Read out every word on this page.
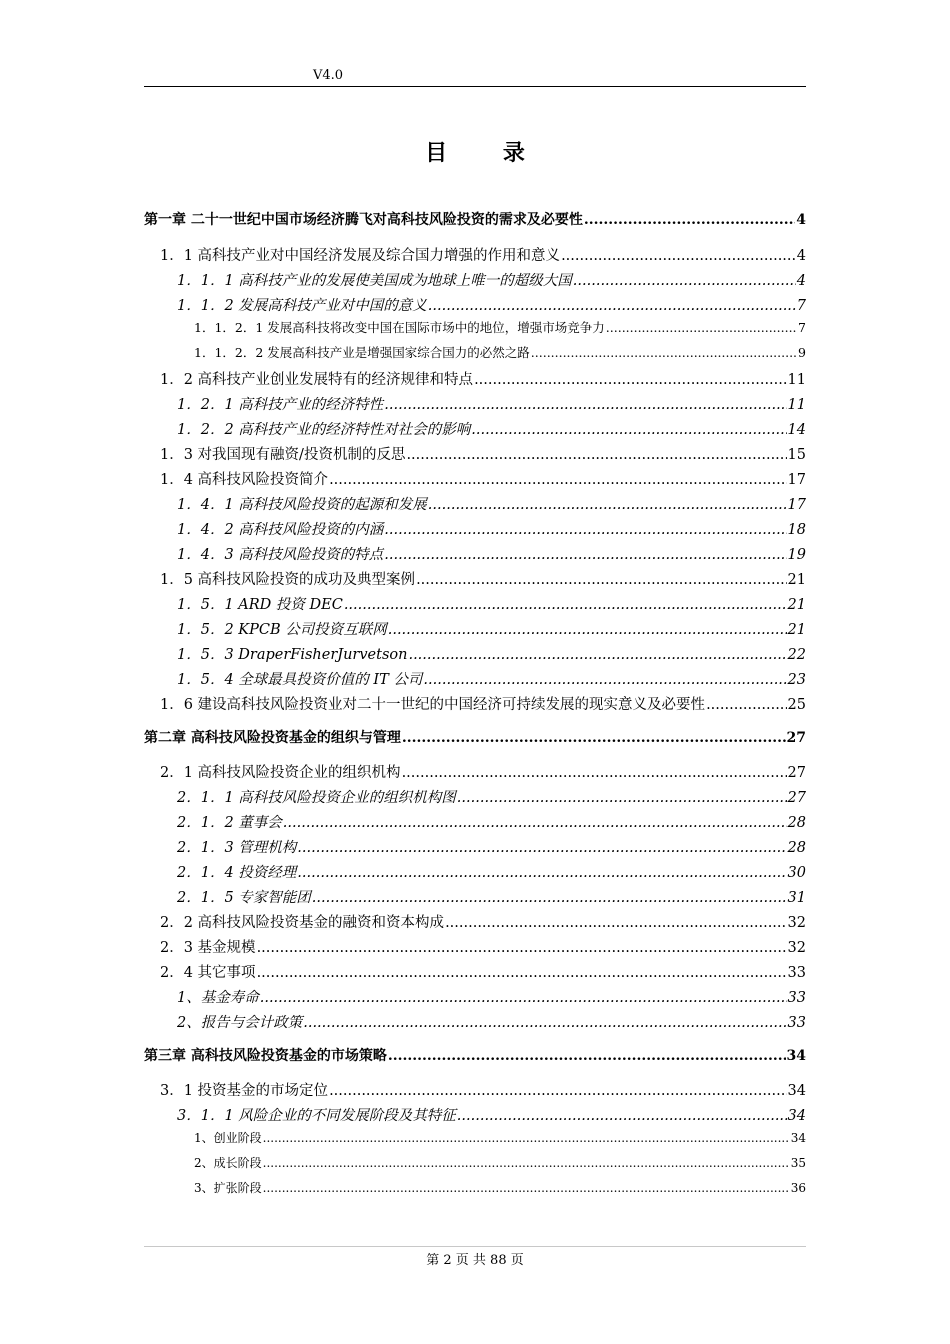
V4.0
目 录
第一章 二十一世纪中国市场经济腾飞对高科技风险投资的需求及必要性 .....	4
1．1 高科技产业对中国经济发展及综合国力增强的作用和意义 .....	4
1．1．1 高科技产业的发展使美国成为地球上唯一的超级大国 .....	4
1．1．2 发展高科技产业对中国的意义 .....	7
1．1．2．1 发展高科技将改变中国在国际市场中的地位，增强市场竞争力 .....	7
1．1．2．2 发展高科技产业是增强国家综合国力的必然之路 .....	9
1．2 高科技产业创业发展特有的经济规律和特点 .....	11
1．2．1 高科技产业的经济特性 .....	11
1．2．2 高科技产业的经济特性对社会的影响 .....	14
1．3 对我国现有融资/投资机制的反思 .....	15
1．4 高科技风险投资简介 .....	17
1．4．1 高科技风险投资的起源和发展 .....	17
1．4．2 高科技风险投资的内涵 .....	18
1．4．3 高科技风险投资的特点 .....	19
1．5 高科技风险投资的成功及典型案例 .....	21
1．5．1 ARD 投资 DEC .....	21
1．5．2 KPCB 公司投资互联网 .....	21
1．5．3 DraperFisherJurvetson .....	22
1．5．4 全球最具投资价值的 IT 公司 .....	23
1．6 建设高科技风险投资业对二十一世纪的中国经济可持续发展的现实意义及必要性 .....	25
第二章 高科技风险投资基金的组织与管理 .....	27
2．1 高科技风险投资企业的组织机构 .....	27
2．1．1 高科技风险投资企业的组织机构图 .....	27
2．1．2 董事会 .....	28
2．1．3 管理机构 .....	28
2．1．4 投资经理 .....	30
2．1．5 专家智能团 .....	31
2．2 高科技风险投资基金的融资和资本构成 .....	32
2．3 基金规模 .....	32
2．4 其它事项 .....	33
1、基金寿命 .....	33
2、报告与会计政策 .....	33
第三章 高科技风险投资基金的市场策略 .....	34
3．1 投资基金的市场定位 .....	34
3．1．1 风险企业的不同发展阶段及其特征 .....	34
1、创业阶段 .....	34
2、成长阶段 .....	35
3、扩张阶段 .....	36
第 2 页 共 88 页
